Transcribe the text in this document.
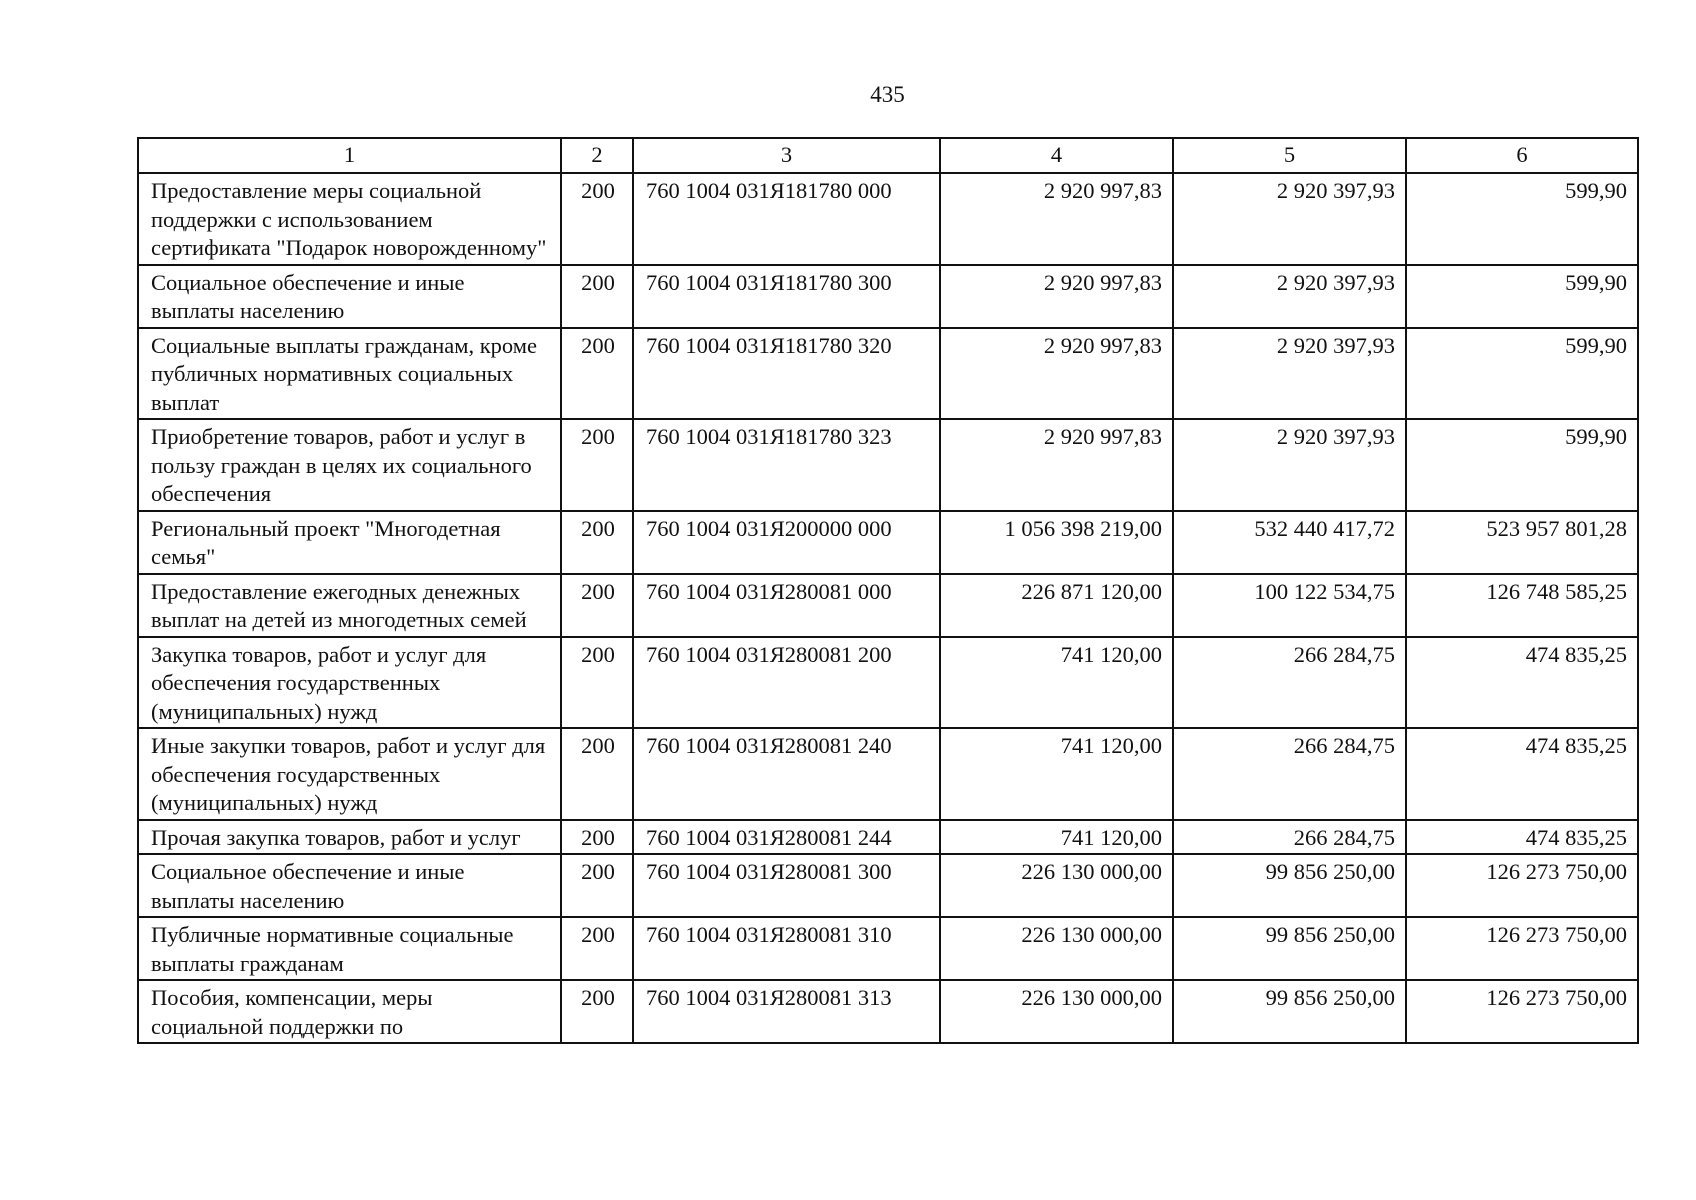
435
1	2	3	4	5	6
Предоставление меры социальной поддержки с использованием сертификата "Подарок новорожденному"	200	760 1004 031Я181780 000	2 920 997,83	2 920 397,93	599,90
Социальное обеспечение и иные выплаты населению	200	760 1004 031Я181780 300	2 920 997,83	2 920 397,93	599,90
Социальные выплаты гражданам, кроме публичных нормативных социальных выплат	200	760 1004 031Я181780 320	2 920 997,83	2 920 397,93	599,90
Приобретение товаров, работ и услуг в пользу граждан в целях их социального обеспечения	200	760 1004 031Я181780 323	2 920 997,83	2 920 397,93	599,90
Региональный проект "Многодетная семья"	200	760 1004 031Я200000 000	1 056 398 219,00	532 440 417,72	523 957 801,28
Предоставление ежегодных денежных выплат на детей из многодетных семей	200	760 1004 031Я280081 000	226 871 120,00	100 122 534,75	126 748 585,25
Закупка товаров, работ и услуг для обеспечения государственных (муниципальных) нужд	200	760 1004 031Я280081 200	741 120,00	266 284,75	474 835,25
Иные закупки товаров, работ и услуг для обеспечения государственных (муниципальных) нужд	200	760 1004 031Я280081 240	741 120,00	266 284,75	474 835,25
Прочая закупка товаров, работ и услуг	200	760 1004 031Я280081 244	741 120,00	266 284,75	474 835,25
Социальное обеспечение и иные выплаты населению	200	760 1004 031Я280081 300	226 130 000,00	99 856 250,00	126 273 750,00
Публичные нормативные социальные выплаты гражданам	200	760 1004 031Я280081 310	226 130 000,00	99 856 250,00	126 273 750,00
Пособия, компенсации, меры социальной поддержки по	200	760 1004 031Я280081 313	226 130 000,00	99 856 250,00	126 273 750,00
